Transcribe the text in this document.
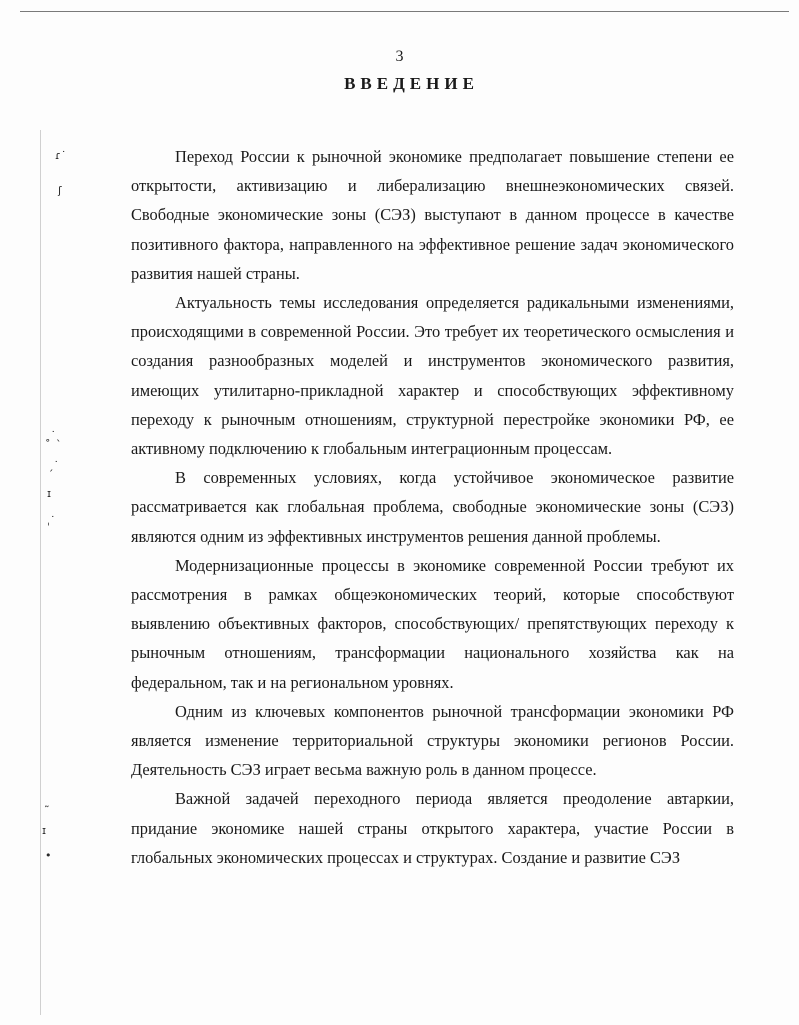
ɾ˙
ʃ
˳˙ˎ
ˏ˙
ɪ
ˌ˙
˜
ɪ
•
3
ВВЕДЕНИЕ

Переход России к рыночной экономике предполагает повышение степени ее открытости, активизацию и либерализацию внешнеэкономических связей. Свободные экономические зоны (СЭЗ) выступают в данном процессе в качестве позитивного фактора, направленного на эффективное решение задач экономического развития нашей страны.

Актуальность темы исследования определяется радикальными изменениями, происходящими в современной России. Это требует их теоретического осмысления и создания разнообразных моделей и инструментов экономического развития, имеющих утилитарно-прикладной характер и способствующих эффективному переходу к рыночным отношениям, структурной перестройке экономики РФ, ее активному подключению к глобальным интеграционным процессам.

В современных условиях, когда устойчивое экономическое развитие рассматривается как глобальная проблема, свободные экономические зоны (СЭЗ) являются одним из эффективных инструментов решения данной проблемы.

Модернизационные процессы в экономике современной России требуют их рассмотрения в рамках общеэкономических теорий, которые способствуют выявлению объективных факторов, способствующих/ препятствующих переходу к рыночным отношениям, трансформации национального хозяйства как на федеральном, так и на региональном уровнях.

Одним из ключевых компонентов рыночной трансформации экономики РФ является изменение территориальной структуры экономики регионов России. Деятельность СЭЗ играет весьма важную роль в данном процессе.

Важной задачей переходного периода является преодоление автаркии, придание экономике нашей страны открытого характера, участие России в глобальных экономических процессах и структурах. Создание и развитие СЭЗ
